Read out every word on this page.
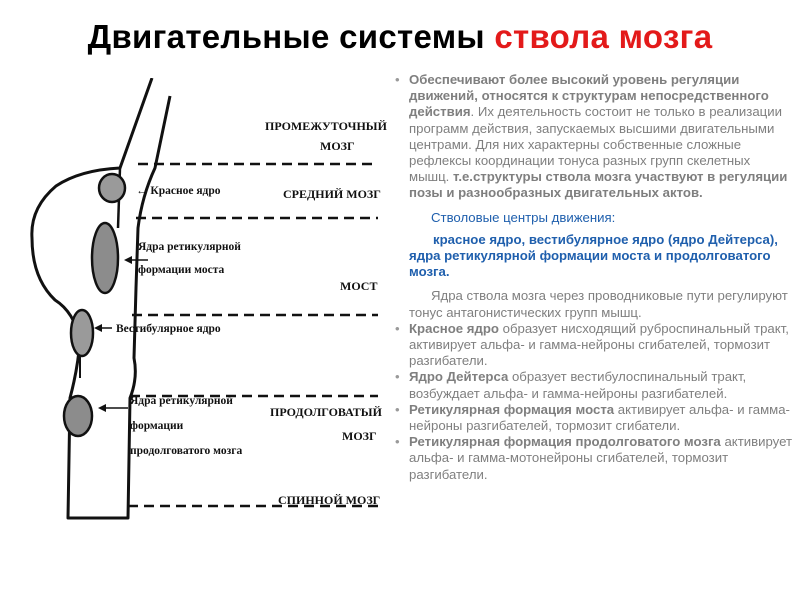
Двигательные системы ствола мозга
ПРОМЕЖУТОЧНЫЙ
МОЗГ
СРЕДНИЙ МОЗГ
МОСТ
ПРОДОЛГОВАТЫЙ
МОЗГ
СПИННОЙ МОЗГ
← Красное ядро
Ядра ретикулярной
формации моста
Вестибулярное ядро
Ядра ретикулярной
формации
продолговатого мозга

• Обеспечивают более высокий уровень регуляции движений, относятся к структурам непосредственного действия. Их деятельность состоит не только в реализации программ действия, запускаемых высшими двигательными центрами. Для них характерны собственные сложные рефлексы координации тонуса разных групп скелетных мышц. т.е.структуры ствола мозга участвуют в регуляции позы и разнообразных двигательных актов.

Стволовые центры движения:

красное ядро, вестибулярное ядро (ядро Дейтерса), ядра ретикулярной формации моста и продолговатого мозга.

Ядра ствола мозга через проводниковые пути регулируют тонус антагонистических групп мышц.

• Красное ядро образует нисходящий руброспинальный тракт, активирует альфа- и гамма-нейроны сгибателей, тормозит разгибатели.

• Ядро Дейтерса образует вестибулоспинальный тракт, возбуждает альфа- и гамма-нейроны разгибателей.

• Ретикулярная формация моста активирует альфа- и гамма-нейроны разгибателей, тормозит сгибатели.

• Ретикулярная формация продолговатого мозга активирует альфа- и гамма-мотонейроны сгибателей, тормозит разгибатели.
